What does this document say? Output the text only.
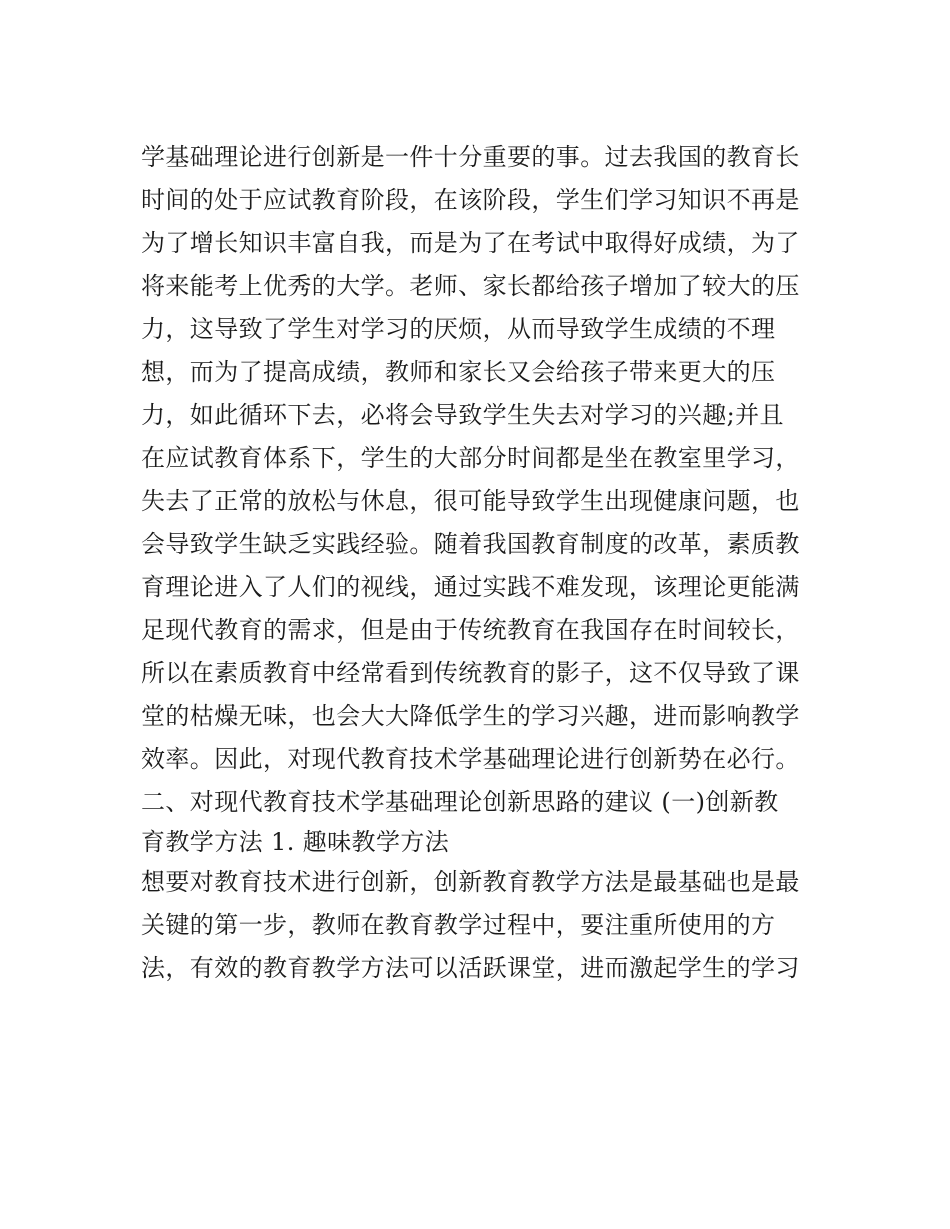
学基础理论进行创新是一件十分重要的事。过去我国的教育长
时间的处于应试教育阶段，在该阶段，学生们学习知识不再是
为了增长知识丰富自我，而是为了在考试中取得好成绩，为了
将来能考上优秀的大学。老师、家长都给孩子增加了较大的压
力，这导致了学生对学习的厌烦，从而导致学生成绩的不理
想，而为了提高成绩，教师和家长又会给孩子带来更大的压
力，如此循环下去，必将会导致学生失去对学习的兴趣;并且
在应试教育体系下，学生的大部分时间都是坐在教室里学习，
失去了正常的放松与休息，很可能导致学生出现健康问题，也
会导致学生缺乏实践经验。随着我国教育制度的改革，素质教
育理论进入了人们的视线，通过实践不难发现，该理论更能满
足现代教育的需求，但是由于传统教育在我国存在时间较长，
所以在素质教育中经常看到传统教育的影子，这不仅导致了课
堂的枯燥无味，也会大大降低学生的学习兴趣，进而影响教学
效率。因此，对现代教育技术学基础理论进行创新势在必行。
二、对现代教育技术学基础理论创新思路的建议 (一)创新教
育教学方法 1. 趣味教学方法
想要对教育技术进行创新，创新教育教学方法是最基础也是最
关键的第一步，教师在教育教学过程中，要注重所使用的方
法，有效的教育教学方法可以活跃课堂，进而激起学生的学习
